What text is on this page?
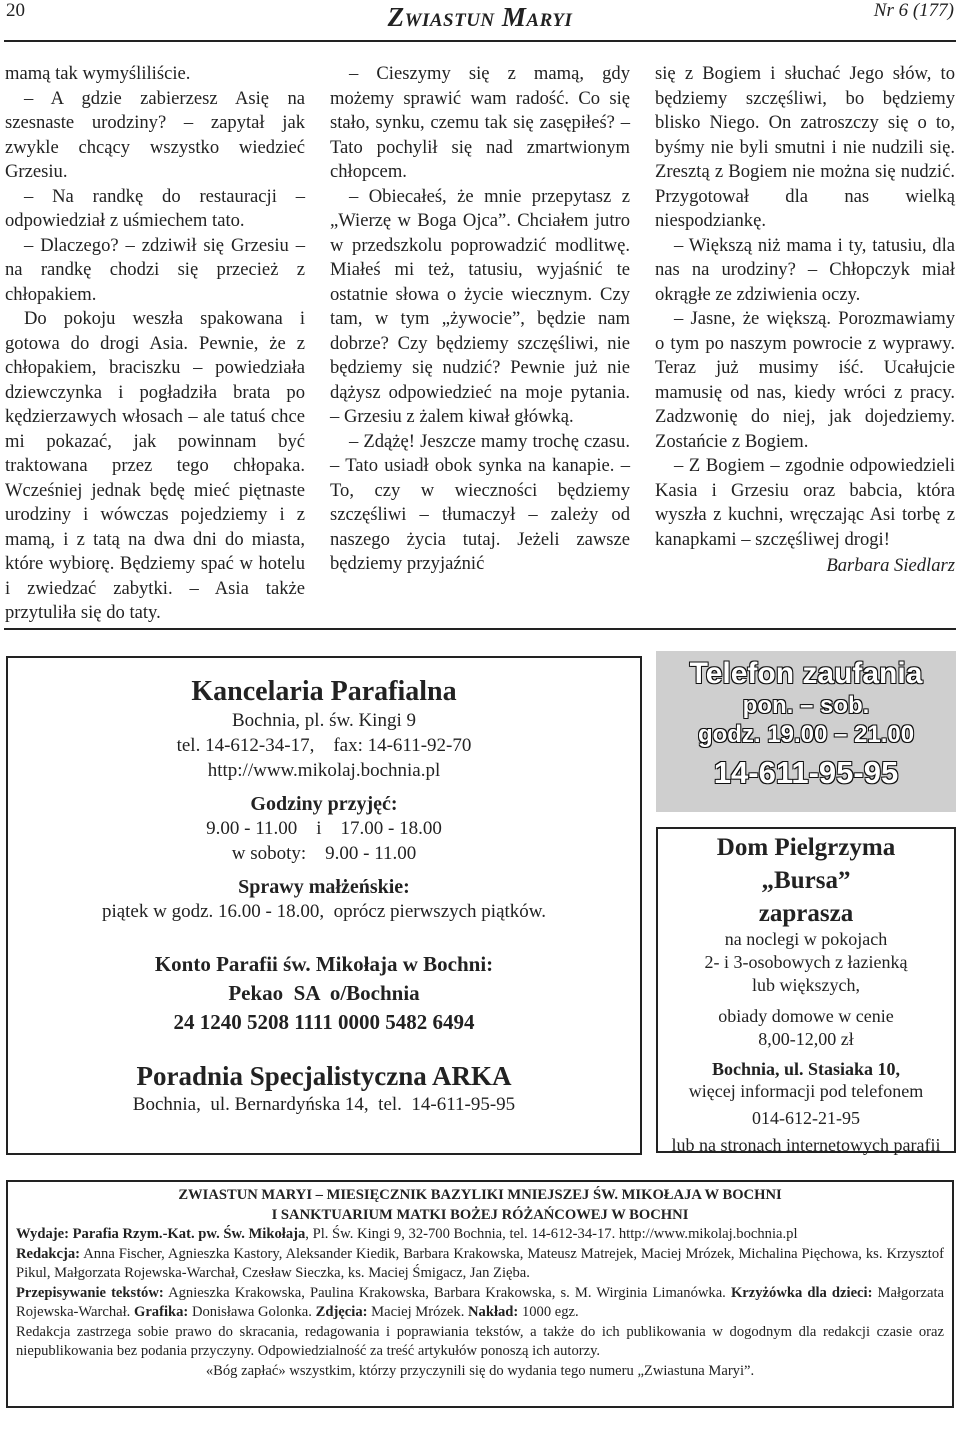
20	Zwiastun Maryi	Nr 6 (177)

mamą tak wymyśliliście.

– A gdzie zabierzesz Asię na szesnaste urodziny? – zapytał jak zwykle chcący wszystko wiedzieć Grzesiu.

– Na randkę do restauracji – odpowiedział z uśmiechem tato.

– Dlaczego? – zdziwił się Grzesiu – na randkę chodzi się przecież z chłopakiem.

Do pokoju weszła spakowana i gotowa do drogi Asia. Pewnie, że z chłopakiem, braciszku – powiedziała dziewczynka i pogładziła brata po kędzierzawych włosach – ale tatuś chce mi pokazać, jak powinnam być traktowana przez tego chłopaka. Wcześniej jednak będę mieć piętnaste urodziny i wówczas pojedziemy i z mamą, i z tatą na dwa dni do miasta, które wybiorę. Będziemy spać w hotelu i zwiedzać zabytki. – Asia także przytuliła się do taty.

– Cieszymy się z mamą, gdy możemy sprawić wam radość. Co się stało, synku, czemu tak się zasępiłeś? – Tato pochylił się nad zmartwionym chłopcem.

– Obiecałeś, że mnie przepytasz z „Wierzę w Boga Ojca”. Chciałem jutro w przedszkolu poprowadzić modlitwę. Miałeś mi też, tatusiu, wyjaśnić te ostatnie słowa o życie wiecznym. Czy tam, w tym „żywocie”, będzie nam dobrze? Czy będziemy szczęśliwi, nie będziemy się nudzić? Pewnie już nie dążysz odpowiedzieć na moje pytania. – Grzesiu z żalem kiwał główką.

– Zdążę! Jeszcze mamy trochę czasu. – Tato usiadł obok synka na kanapie. – To, czy w wieczności będziemy szczęśliwi – tłumaczył – zależy od naszego życia tutaj. Jeżeli zawsze będziemy przyjaźnić

się z Bogiem i słuchać Jego słów, to będziemy szczęśliwi, bo będziemy blisko Niego. On zatroszczy się o to, byśmy nie byli smutni i nie nudzili się. Zresztą z Bogiem nie można się nudzić. Przygotował dla nas wielką niespodziankę.

– Większą niż mama i ty, tatusiu, dla nas na urodziny? – Chłopczyk miał okrągłe ze zdziwienia oczy.

– Jasne, że większą. Porozmawiamy o tym po naszym powrocie z wyprawy. Teraz już musimy iść. Ucałujcie mamusię od nas, kiedy wróci z pracy. Zadzwonię do niej, jak dojedziemy. Zostańcie z Bogiem.

– Z Bogiem – zgodnie odpowiedzieli Kasia i Grzesiu oraz babcia, która wyszła z kuchni, wręczając Asi torbę z kanapkami – szczęśliwej drogi!

Barbara Siedlarz

Kancelaria Parafialna
Bochnia, pl. św. Kingi 9
tel. 14-612-34-17,    fax: 14-611-92-70
http://www.mikolaj.bochnia.pl
Godziny przyjęć:
9.00 - 11.00    i    17.00 - 18.00
w soboty:    9.00 - 11.00
Sprawy małżeńskie:
piątek w godz. 16.00 - 18.00,  oprócz pierwszych piątków.
Konto Parafii św. Mikołaja w Bochni:
Pekao  SA  o/Bochnia
24 1240 5208 1111 0000 5482 6494
Poradnia Specjalistyczna ARKA
Bochnia,  ul. Bernardyńska 14,  tel.  14-611-95-95
Telefon zaufania
pon. – sob.
godz. 19.00 – 21.00
14-611-95-95
Dom Pielgrzyma
„Bursa”
zaprasza
na noclegi w pokojach
2- i 3-osobowych z łazienką
lub większych,
obiady domowe w cenie
8,00-12,00 zł
Bochnia, ul. Stasiaka 10,
więcej informacji pod telefonem
014-612-21-95
lub na stronach internetowych parafii
ZWIASTUN MARYI – MIESIĘCZNIK BAZYLIKI MNIEJSZEJ ŚW. MIKOŁAJA W BOCHNI
I SANKTUARIUM MATKI BOŻEJ RÓŻAŃCOWEJ W BOCHNI
Wydaje: Parafia Rzym.-Kat. pw. Św. Mikołaja, Pl. Św. Kingi 9, 32-700 Bochnia, tel. 14-612-34-17. http://www.mikolaj.bochnia.pl
Redakcja: Anna Fischer, Agnieszka Kastory, Aleksander Kiedik, Barbara Krakowska, Mateusz Matrejek, Maciej Mrózek, Michalina Pięchowa, ks. Krzysztof Pikul, Małgorzata Rojewska-Warchał, Czesław Sieczka, ks. Maciej Śmigacz, Jan Zięba.
Przepisywanie tekstów: Agnieszka Krakowska, Paulina Krakowska, Barbara Krakowska, s. M. Wirginia Limanówka. Krzyżówka dla dzieci: Małgorzata Rojewska-Warchał. Grafika: Donisława Golonka. Zdjęcia: Maciej Mrózek. Nakład: 1000 egz.
Redakcja zastrzega sobie prawo do skracania, redagowania i poprawiania tekstów, a także do ich publikowania w dogodnym dla redakcji czasie oraz niepublikowania bez podania przyczyny. Odpowiedzialność za treść artykułów ponoszą ich autorzy.
«Bóg zapłać» wszystkim, którzy przyczynili się do wydania tego numeru „Zwiastuna Maryi”.
